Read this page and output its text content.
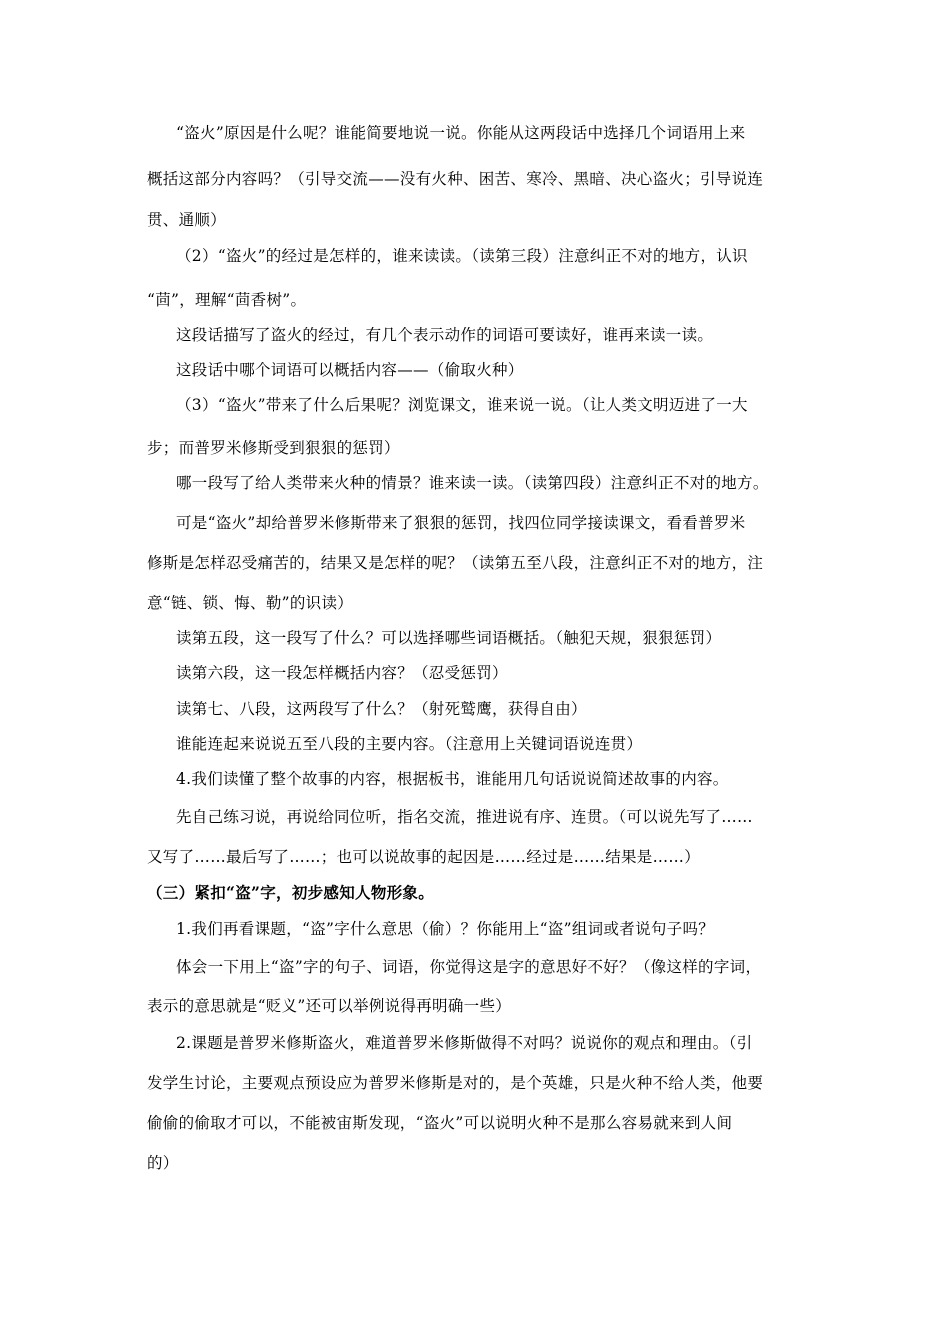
“盗火”原因是什么呢？谁能简要地说一说。你能从这两段话中选择几个词语用上来

概括这部分内容吗？（引导交流——没有火种、困苦、寒冷、黑暗、决心盗火；引导说连

贯、通顺）

（2）“盗火”的经过是怎样的，谁来读读。（读第三段）注意纠正不对的地方，认识

“茴”，理解“茴香树”。

这段话描写了盗火的经过，有几个表示动作的词语可要读好，谁再来读一读。

这段话中哪个词语可以概括内容——（偷取火种）

（3）“盗火”带来了什么后果呢？浏览课文，谁来说一说。（让人类文明迈进了一大

步；而普罗米修斯受到狠狠的惩罚）

哪一段写了给人类带来火种的情景？谁来读一读。（读第四段）注意纠正不对的地方。

可是“盗火”却给普罗米修斯带来了狠狠的惩罚，找四位同学接读课文，看看普罗米

修斯是怎样忍受痛苦的，结果又是怎样的呢？（读第五至八段，注意纠正不对的地方，注

意“链、锁、悔、勒”的识读）

读第五段，这一段写了什么？可以选择哪些词语概括。（触犯天规，狠狠惩罚）

读第六段，这一段怎样概括内容？（忍受惩罚）

读第七、八段，这两段写了什么？（射死鹫鹰，获得自由）

谁能连起来说说五至八段的主要内容。（注意用上关键词语说连贯）

4.我们读懂了整个故事的内容，根据板书，谁能用几句话说说简述故事的内容。

先自己练习说，再说给同位听，指名交流，推进说有序、连贯。（可以说先写了……

又写了……最后写了……；也可以说故事的起因是……经过是……结果是……）

（三）紧扣“盗”字，初步感知人物形象。

1.我们再看课题，“盗”字什么意思（偷）？你能用上“盗”组词或者说句子吗？

体会一下用上“盗”字的句子、词语，你觉得这是字的意思好不好？（像这样的字词，

表示的意思就是“贬义”还可以举例说得再明确一些）

2.课题是普罗米修斯盗火，难道普罗米修斯做得不对吗？说说你的观点和理由。（引

发学生讨论，主要观点预设应为普罗米修斯是对的，是个英雄，只是火种不给人类，他要

偷偷的偷取才可以，不能被宙斯发现，“盗火”可以说明火种不是那么容易就来到人间

的）
